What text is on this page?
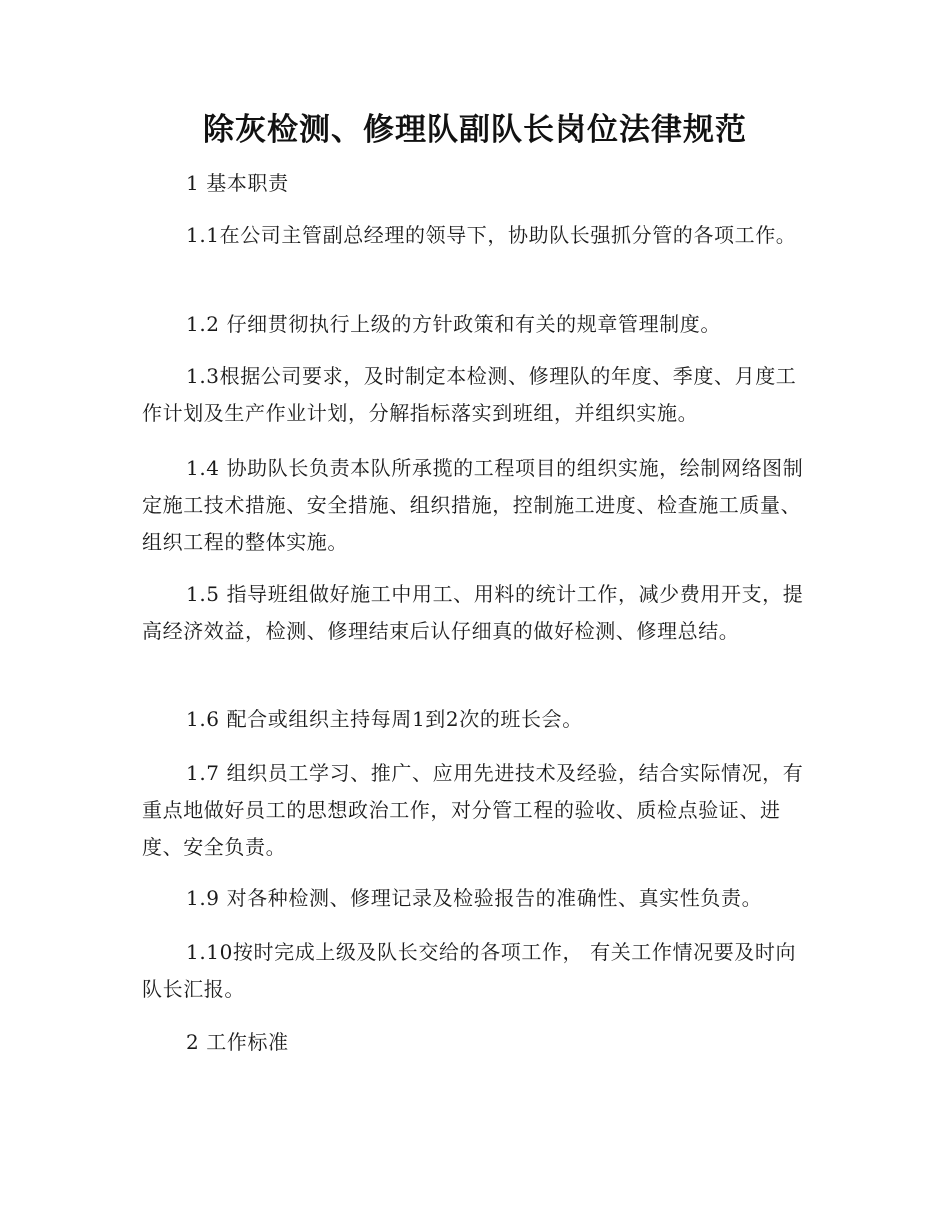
除灰检测、修理队副队长岗位法律规范

1 基本职责

1.1在公司主管副总经理的领导下，协助队长强抓分管的各项工作。

1.2 仔细贯彻执行上级的方针政策和有关的规章管理制度。

1.3根据公司要求，及时制定本检测、修理队的年度、季度、月度工作计划及生产作业计划，分解指标落实到班组，并组织实施。

1.4 协助队长负责本队所承揽的工程项目的组织实施，绘制网络图制定施工技术措施、安全措施、组织措施，控制施工进度、检查施工质量、组织工程的整体实施。

1.5 指导班组做好施工中用工、用料的统计工作，减少费用开支，提高经济效益，检测、修理结束后认仔细真的做好检测、修理总结。

1.6 配合或组织主持每周1到2次的班长会。

1.7 组织员工学习、推广、应用先进技术及经验，结合实际情况，有重点地做好员工的思想政治工作，对分管工程的验收、质检点验证、进度、安全负责。

1.9 对各种检测、修理记录及检验报告的准确性、真实性负责。

1.10按时完成上级及队长交给的各项工作， 有关工作情况要及时向队长汇报。

2 工作标准
